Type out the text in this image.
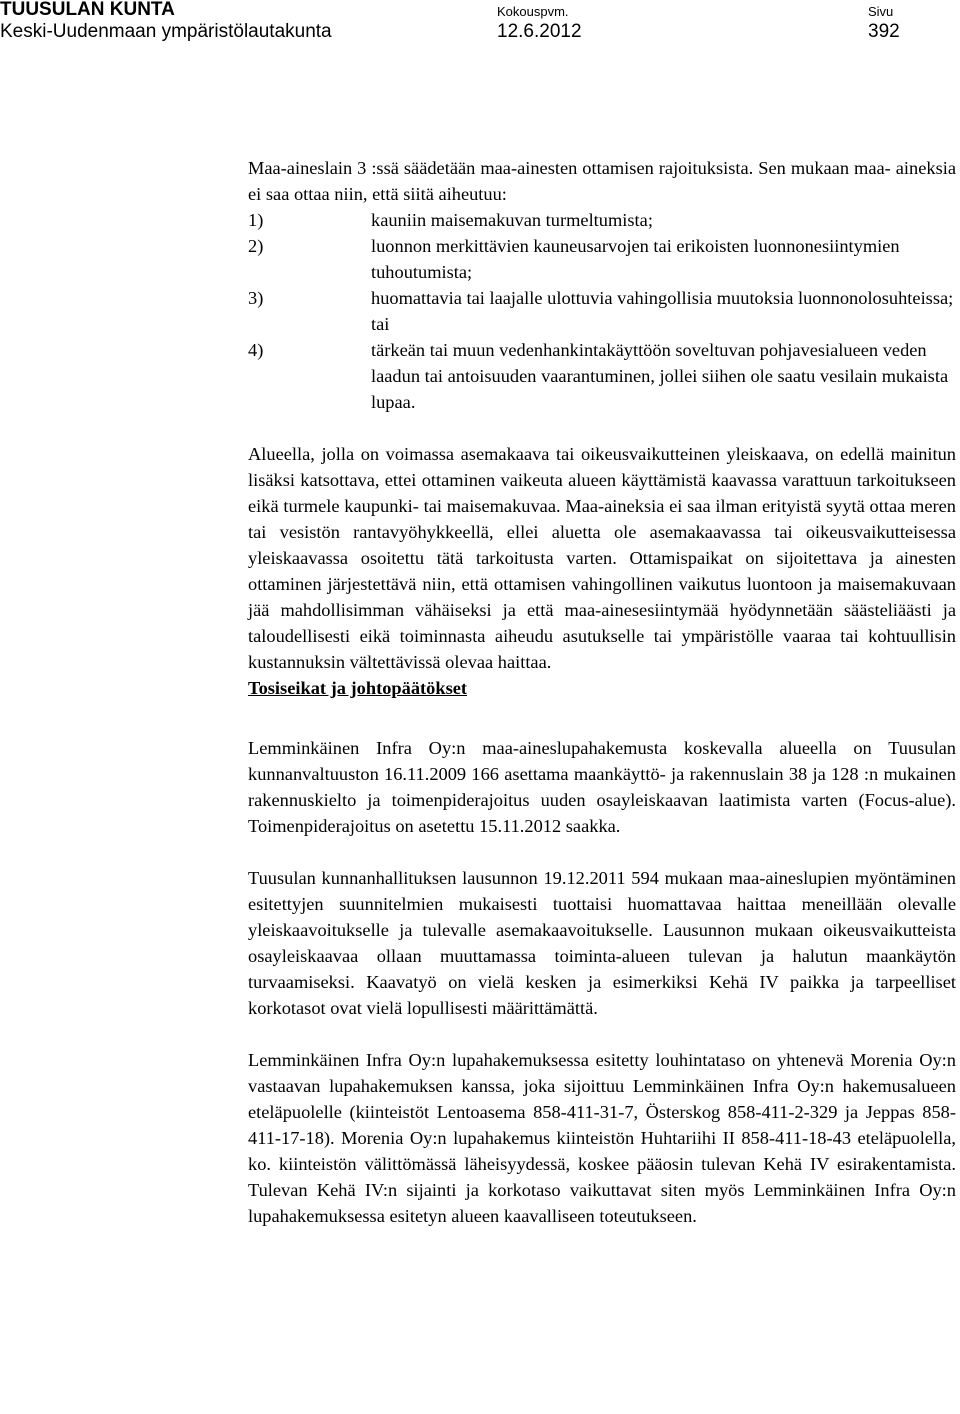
TUUSULAN KUNTA
Keski-Uudenmaan ympäristölautakunta
Kokouspvm.
12.6.2012
Sivu
392

Maa-aineslain 3 :ssä säädetään maa-ainesten ottamisen rajoituksista. Sen mukaan maa- aineksia ei saa ottaa niin, että siitä aiheutuu:

1)	kauniin maisemakuvan turmeltumista;
2)	luonnon merkittävien kauneusarvojen tai erikoisten luonnonesiintymien tuhoutumista;
3)	huomattavia tai laajalle ulottuvia vahingollisia muutoksia luonnonolosuhteissa; tai
4)	tärkeän tai muun vedenhankintakäyttöön soveltuvan pohjavesialueen veden laadun tai antoisuuden vaarantuminen, jollei siihen ole saatu vesilain mukaista lupaa.

Alueella, jolla on voimassa asemakaava tai oikeusvaikutteinen yleiskaava, on edellä mainitun lisäksi katsottava, ettei ottaminen vaikeuta alueen käyttämistä kaavassa varattuun tarkoitukseen eikä turmele kaupunki- tai maisemakuvaa. Maa-aineksia ei saa ilman erityistä syytä ottaa meren tai vesistön rantavyöhykkeellä, ellei aluetta ole asemakaavassa tai oikeusvaikutteisessa yleiskaavassa osoitettu tätä tarkoitusta varten. Ottamispaikat on sijoitettava ja ainesten ottaminen järjestettävä niin, että ottamisen vahingollinen vaikutus luontoon ja maisemakuvaan jää mahdollisimman vähäiseksi ja että maa-ainesesiintymää hyödynnetään säästeliäästi ja taloudellisesti eikä toiminnasta aiheudu asutukselle tai ympäristölle vaaraa tai kohtuullisin kustannuksin vältettävissä olevaa haittaa.

Tosiseikat ja johtopäätökset

Lemminkäinen Infra Oy:n maa-aineslupahakemusta koskevalla alueella on Tuusulan kunnanvaltuuston 16.11.2009 166 asettama maankäyttö- ja rakennuslain 38 ja 128 :n mukainen rakennuskielto ja toimenpiderajoitus uuden osayleiskaavan laatimista varten (Focus-alue). Toimenpiderajoitus on asetettu 15.11.2012 saakka.

Tuusulan kunnanhallituksen lausunnon 19.12.2011 594 mukaan maa-aineslupien myöntäminen esitettyjen suunnitelmien mukaisesti tuottaisi huomattavaa haittaa meneillään olevalle yleiskaavoitukselle ja tulevalle asemakaavoitukselle. Lausunnon mukaan oikeusvaikutteista osayleiskaavaa ollaan muuttamassa toiminta-alueen tulevan ja halutun maankäytön turvaamiseksi. Kaavatyö on vielä kesken ja esimerkiksi Kehä IV paikka ja tarpeelliset korkotasot ovat vielä lopullisesti määrittämättä.

Lemminkäinen Infra Oy:n lupahakemuksessa esitetty louhintataso on yhtenevä Morenia Oy:n vastaavan lupahakemuksen kanssa, joka sijoittuu Lemminkäinen Infra Oy:n hakemusalueen eteläpuolelle (kiinteistöt Lentoasema 858-411-31-7, Östersko​g 858-411-2-329 ja Jeppas 858-411-17-18). Morenia Oy:n lupahakemus kiinteistön Huhtariihi II 858-411-18-43 eteläpuolella, ko. kiinteistön välittömässä läheisyydessä, koskee pääosin tulevan Kehä IV esirakentamista. Tulevan Kehä IV:n sijainti ja korkotaso vaikuttavat siten myös Lemminkäinen Infra Oy:n lupahakemuksessa esitetyn alueen kaavalliseen toteutukseen.
